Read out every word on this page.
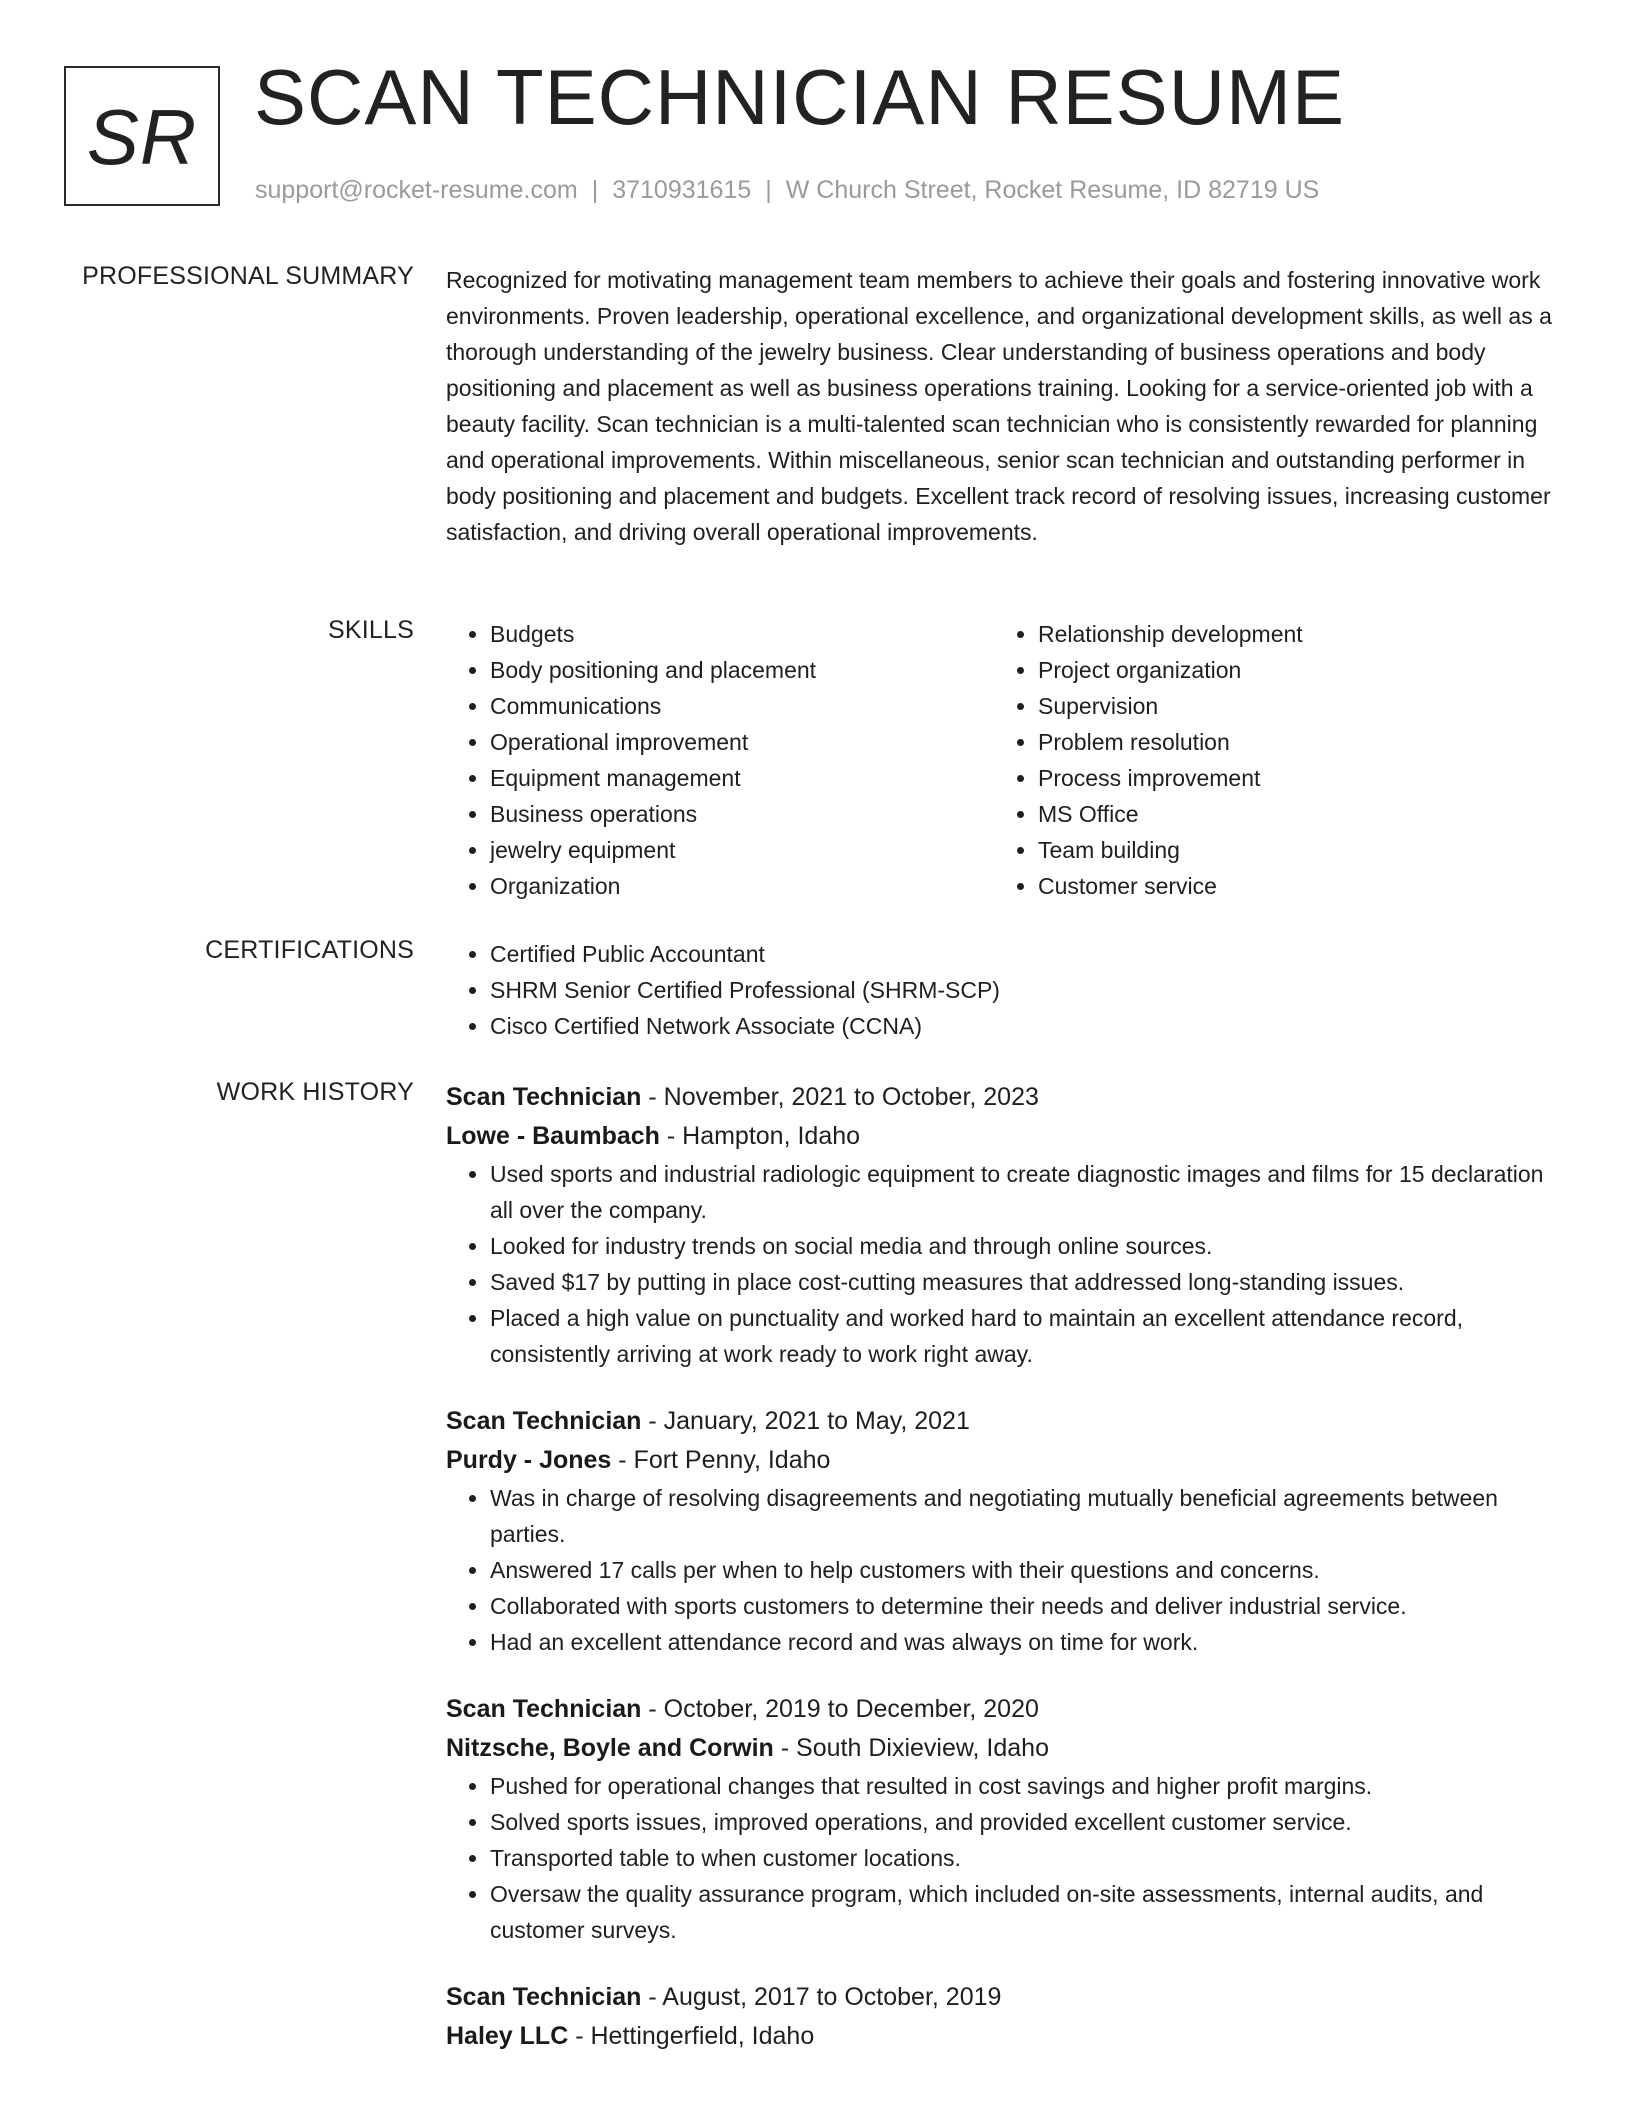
SR SCAN TECHNICIAN RESUME
support@rocket-resume.com | 3710931615 | W Church Street, Rocket Resume, ID 82719 US
PROFESSIONAL SUMMARY Recognized for motivating management team members to achieve their goals and fostering innovative work environments. Proven leadership, operational excellence, and organizational development skills, as well as a thorough understanding of the jewelry business. Clear understanding of business operations and body positioning and placement as well as business operations training. Looking for a service-oriented job with a beauty facility. Scan technician is a multi-talented scan technician who is consistently rewarded for planning and operational improvements. Within miscellaneous, senior scan technician and outstanding performer in body positioning and placement and budgets. Excellent track record of resolving issues, increasing customer satisfaction, and driving overall operational improvements.

SKILLS	• Budgets
• Body positioning and placement
• Communications
• Operational improvement
• Equipment management
• Business operations
• jewelry equipment
• Organization
• Relationship development
• Project organization
• Supervision
• Problem resolution
• Process improvement
• MS Office
• Team building
• Customer service
CERTIFICATIONS	• Certified Public Accountant
• SHRM Senior Certified Professional (SHRM-SCP)
• Cisco Certified Network Associate (CCNA)
WORK HISTORY Scan Technician - November, 2021 to October, 2023
Lowe - Baumbach - Hampton, Idaho
• Used sports and industrial radiologic equipment to create diagnostic images and films for 15 declaration all over the company.
• Looked for industry trends on social media and through online sources.
• Saved $17 by putting in place cost-cutting measures that addressed long-standing issues.
• Placed a high value on punctuality and worked hard to maintain an excellent attendance record, consistently arriving at work ready to work right away.
Scan Technician - January, 2021 to May, 2021
Purdy - Jones - Fort Penny, Idaho
• Was in charge of resolving disagreements and negotiating mutually beneficial agreements between parties.
• Answered 17 calls per when to help customers with their questions and concerns.
• Collaborated with sports customers to determine their needs and deliver industrial service.
• Had an excellent attendance record and was always on time for work.
Scan Technician - October, 2019 to December, 2020
Nitzsche, Boyle and Corwin - South Dixieview, Idaho
• Pushed for operational changes that resulted in cost savings and higher profit margins.
• Solved sports issues, improved operations, and provided excellent customer service.
• Transported table to when customer locations.
• Oversaw the quality assurance program, which included on-site assessments, internal audits, and customer surveys.
Scan Technician - August, 2017 to October, 2019
Haley LLC - Hettingerfield, Idaho
